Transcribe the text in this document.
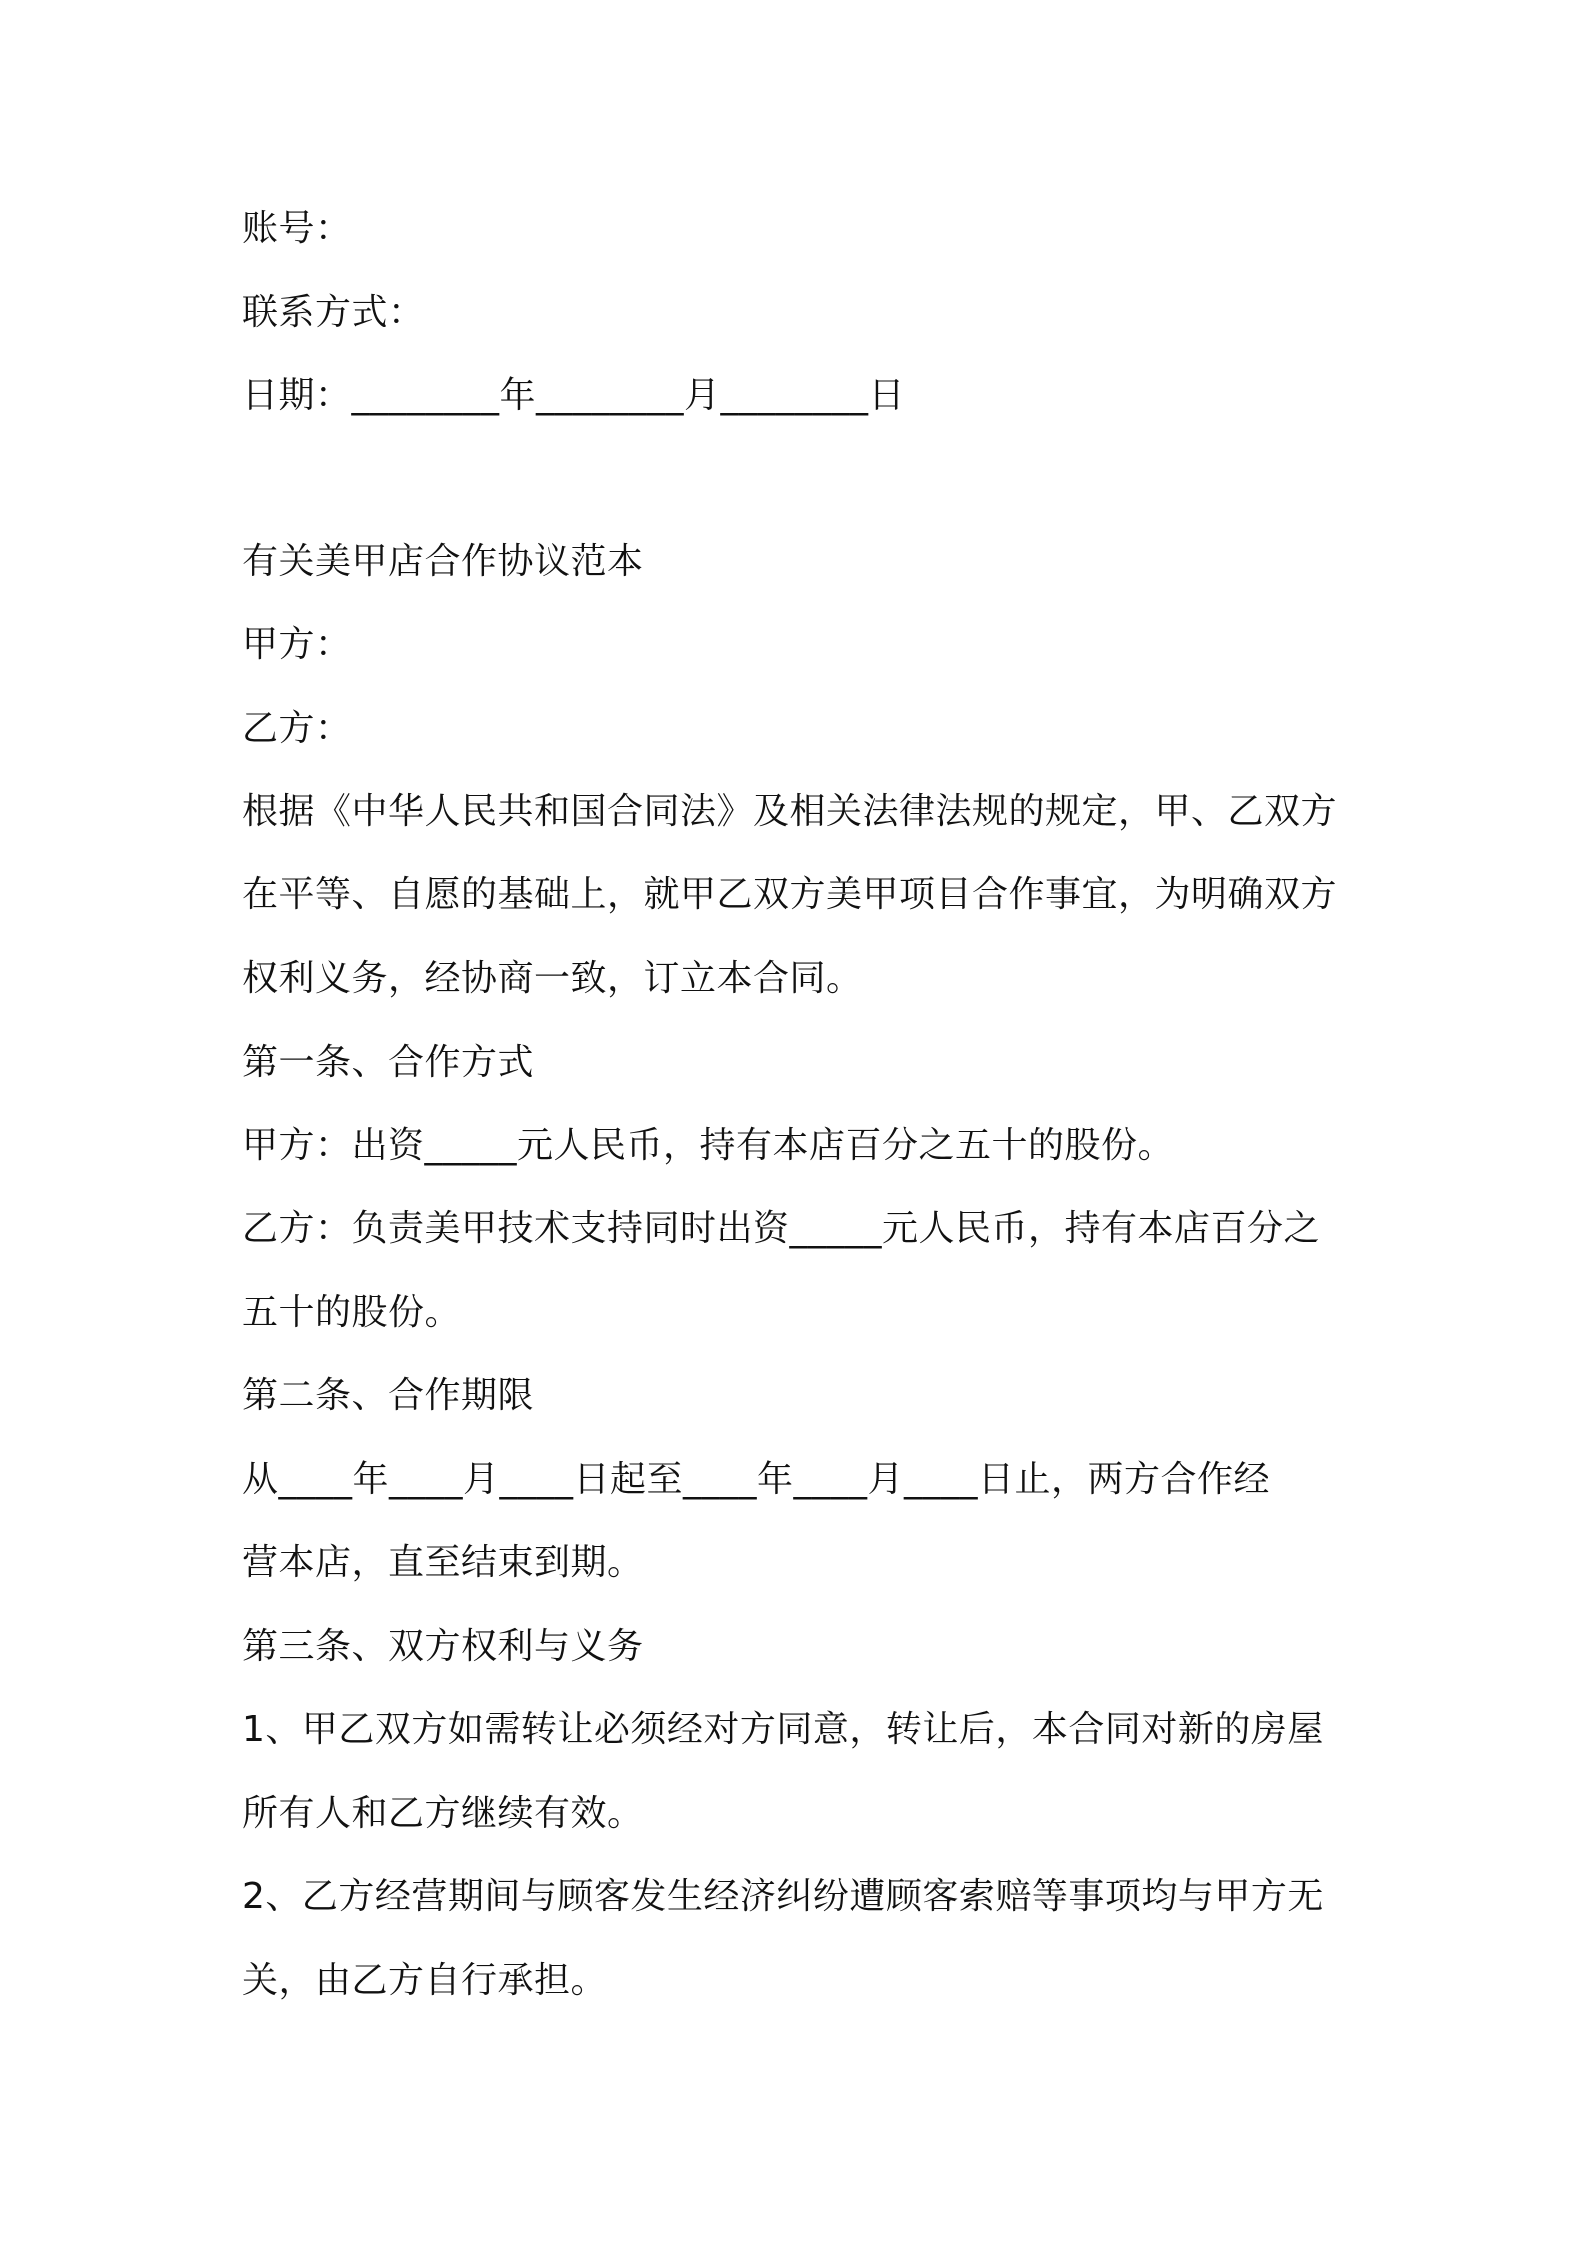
账号：
联系方式：
日期：________年________月________日
有关美甲店合作协议范本
甲方：
乙方：
根据《中华人民共和国合同法》及相关法律法规的规定，甲、乙双方
在平等、自愿的基础上，就甲乙双方美甲项目合作事宜，为明确双方
权利义务，经协商一致，订立本合同。
第一条、合作方式
甲方：出资_____元人民币，持有本店百分之五十的股份。
乙方：负责美甲技术支持同时出资_____元人民币，持有本店百分之
五十的股份。
第二条、合作期限
从____年____月____日起至____年____月____日止，两方合作经
营本店，直至结束到期。
第三条、双方权利与义务
1、甲乙双方如需转让必须经对方同意，转让后，本合同对新的房屋
所有人和乙方继续有效。
2、乙方经营期间与顾客发生经济纠纷遭顾客索赔等事项均与甲方无
关，由乙方自行承担。
